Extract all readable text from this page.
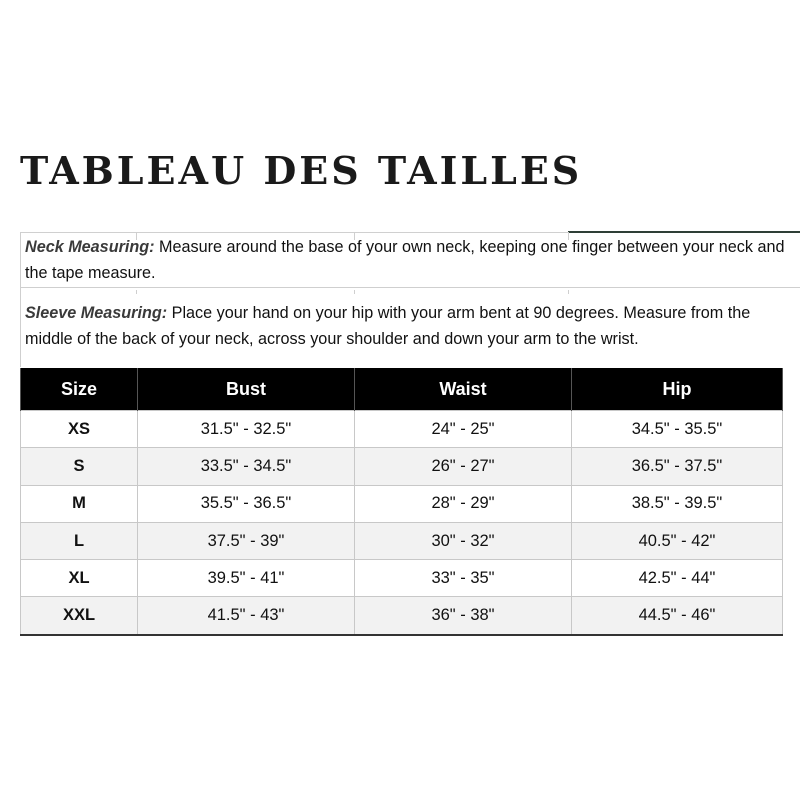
TABLEAU DES TAILLES
Neck Measuring: Measure around the base of your own neck, keeping one finger between your neck and the tape measure.
Sleeve Measuring: Place your hand on your hip with your arm bent at 90 degrees. Measure from the middle of the back of your neck, across your shoulder and down your arm to the wrist.
Size	Bust	Waist	Hip
XS	31.5" - 32.5"	24" - 25"	34.5" - 35.5"
S	33.5" - 34.5"	26" - 27"	36.5" - 37.5"
M	35.5" - 36.5"	28" - 29"	38.5" - 39.5"
L	37.5" - 39"	30" - 32"	40.5" - 42"
XL	39.5" - 41"	33" - 35"	42.5" - 44"
XXL	41.5" - 43"	36" - 38"	44.5" - 46"
